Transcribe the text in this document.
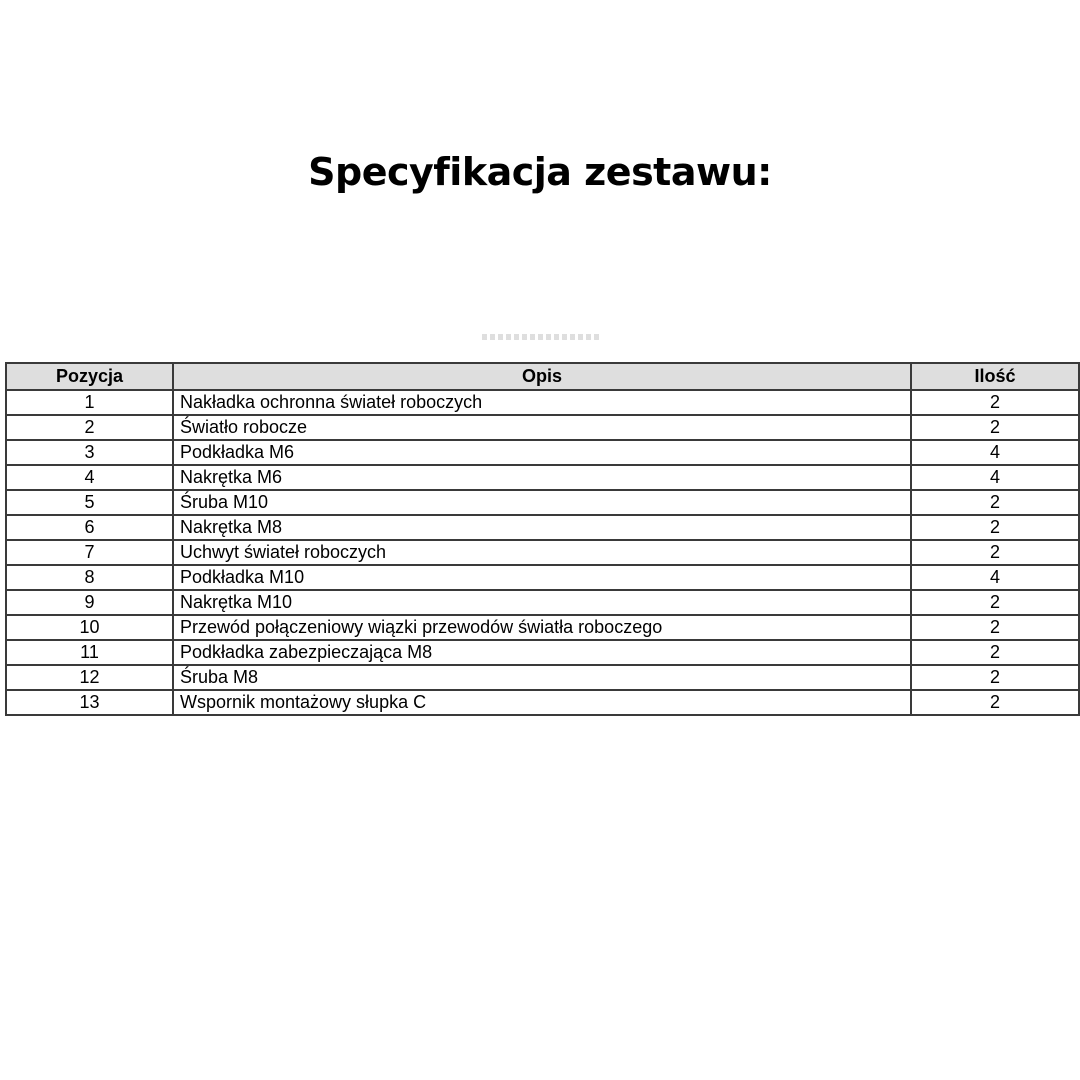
Specyfikacja zestawu:
Pozycja	Opis	Ilość
1	Nakładka ochronna świateł roboczych	2
2	Światło robocze	2
3	Podkładka M6	4
4	Nakrętka M6	4
5	Śruba M10	2
6	Nakrętka M8	2
7	Uchwyt świateł roboczych	2
8	Podkładka M10	4
9	Nakrętka M10	2
10	Przewód połączeniowy wiązki przewodów światła roboczego	2
11	Podkładka zabezpieczająca M8	2
12	Śruba M8	2
13	Wspornik montażowy słupka C	2
